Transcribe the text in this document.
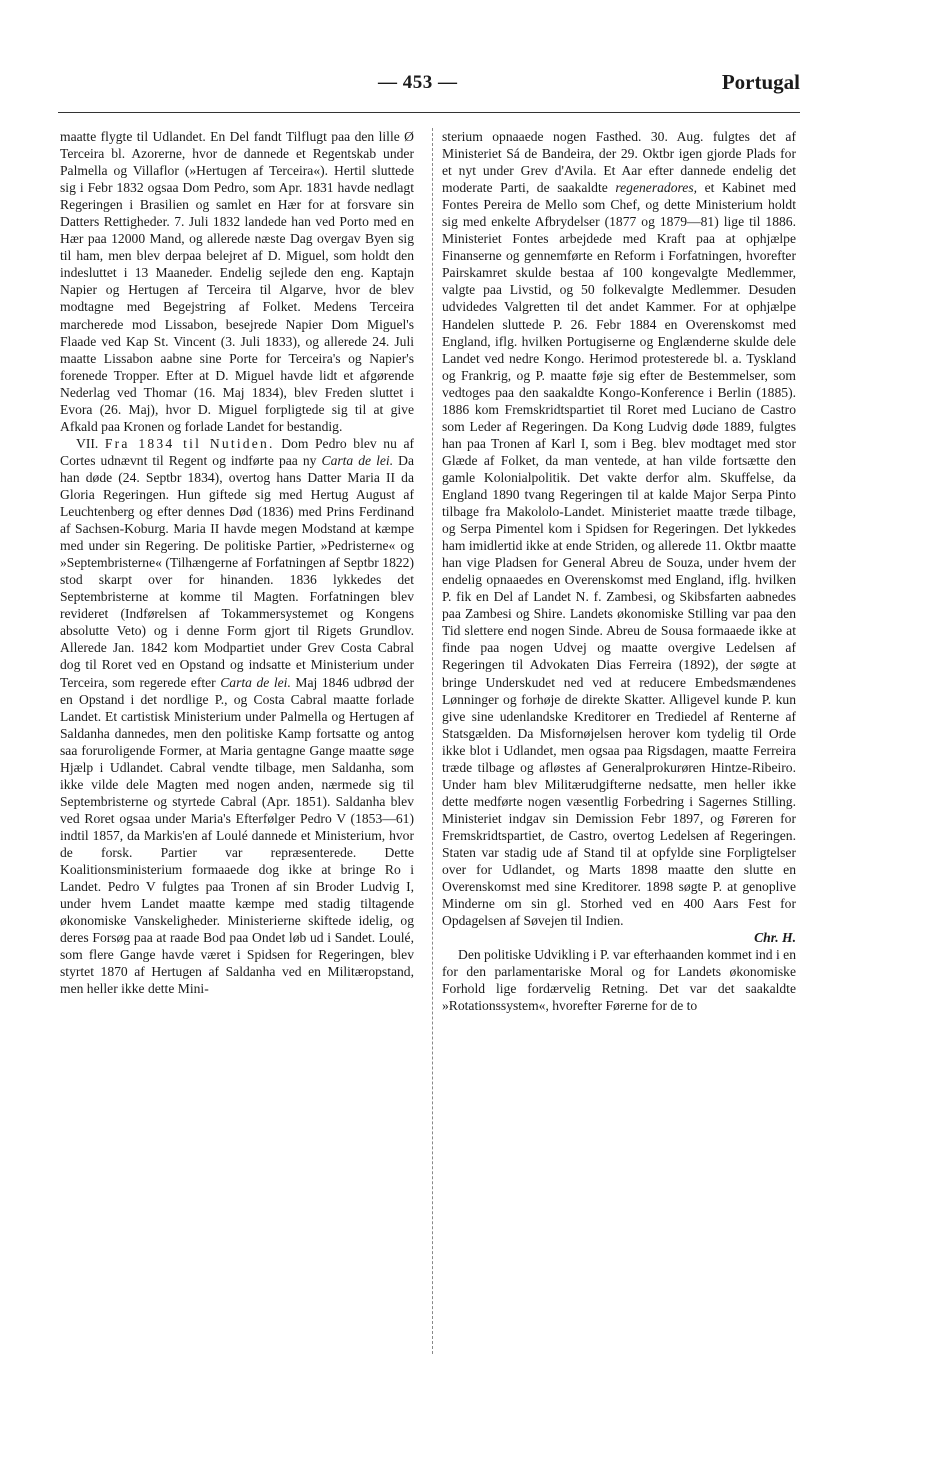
— 453 —	Portugal

maatte flygte til Udlandet. En Del fandt Tilflugt paa den lille Ø Terceira bl. Azorerne, hvor de dannede et Regentskab under Palmella og Villaflor (»Hertugen af Terceira«). Hertil sluttede sig i Febr 1832 ogsaa Dom Pedro, som Apr. 1831 havde nedlagt Regeringen i Brasilien og samlet en Hær for at forsvare sin Datters Rettigheder. 7. Juli 1832 landede han ved Porto med en Hær paa 12000 Mand, og allerede næste Dag overgav Byen sig til ham, men blev derpaa belejret af D. Miguel, som holdt den indesluttet i 13 Maaneder. Endelig sejlede den eng. Kaptajn Napier og Hertugen af Terceira til Algarve, hvor de blev modtagne med Begejstring af Folket. Medens Terceira marcherede mod Lissabon, besejrede Napier Dom Miguel's Flaade ved Kap St. Vincent (3. Juli 1833), og allerede 24. Juli maatte Lissabon aabne sine Porte for Terceira's og Napier's forenede Tropper. Efter at D. Miguel havde lidt et afgørende Nederlag ved Thomar (16. Maj 1834), blev Freden sluttet i Evora (26. Maj), hvor D. Miguel forpligtede sig til at give Afkald paa Kronen og forlade Landet for bestandig.

VII. Fra 1834 til Nutiden. Dom Pedro blev nu af Cortes udnævnt til Regent og indførte paa ny Carta de lei. Da han døde (24. Septbr 1834), overtog hans Datter Maria II da Gloria Regeringen. Hun giftede sig med Hertug August af Leuchtenberg og efter dennes Død (1836) med Prins Ferdinand af Sachsen-Koburg. Maria II havde megen Modstand at kæmpe med under sin Regering. De politiske Partier, »Pedristerne« og »Septembristerne« (Tilhængerne af Forfatningen af Septbr 1822) stod skarpt over for hinanden. 1836 lykkedes det Septembristerne at komme til Magten. Forfatningen blev revideret (Indførelsen af Tokammersystemet og Kongens absolutte Veto) og i denne Form gjort til Rigets Grundlov. Allerede Jan. 1842 kom Modpartiet under Grev Costa Cabral dog til Roret ved en Opstand og indsatte et Ministerium under Terceira, som regerede efter Carta de lei. Maj 1846 udbrød der en Opstand i det nordlige P., og Costa Cabral maatte forlade Landet. Et cartistisk Ministerium under Palmella og Hertugen af Saldanha dannedes, men den politiske Kamp fortsatte og antog saa foruroligende Former, at Maria gentagne Gange maatte søge Hjælp i Udlandet. Cabral vendte tilbage, men Saldanha, som ikke vilde dele Magten med nogen anden, nærmede sig til Septembristerne og styrtede Cabral (Apr. 1851). Saldanha blev ved Roret ogsaa under Maria's Efterfølger Pedro V (1853—61) indtil 1857, da Markis'en af Loulé dannede et Ministerium, hvor de forsk. Partier var repræsenterede. Dette Koalitionsministerium formaaede dog ikke at bringe Ro i Landet. Pedro V fulgtes paa Tronen af sin Broder Ludvig I, under hvem Landet maatte kæmpe med stadig tiltagende økonomiske Vanskeligheder. Ministerierne skiftede idelig, og deres Forsøg paa at raade Bod paa Ondet løb ud i Sandet. Loulé, som flere Gange havde været i Spidsen for Regeringen, blev styrtet 1870 af Hertugen af Saldanha ved en Militæropstand, men heller ikke dette Mini-

sterium opnaaede nogen Fasthed. 30. Aug. fulgtes det af Ministeriet Sá de Bandeira, der 29. Oktbr igen gjorde Plads for et nyt under Grev d'Avila. Et Aar efter dannede endelig det moderate Parti, de saakaldte regeneradores, et Kabinet med Fontes Pereira de Mello som Chef, og dette Ministerium holdt sig med enkelte Afbrydelser (1877 og 1879—81) lige til 1886. Ministeriet Fontes arbejdede med Kraft paa at ophjælpe Finanserne og gennemførte en Reform i Forfatningen, hvorefter Pairskamret skulde bestaa af 100 kongevalgte Medlemmer, valgte paa Livstid, og 50 folkevalgte Medlemmer. Desuden udvidedes Valgretten til det andet Kammer. For at ophjælpe Handelen sluttede P. 26. Febr 1884 en Overenskomst med England, iflg. hvilken Portugiserne og Englænderne skulde dele Landet ved nedre Kongo. Herimod protesterede bl. a. Tyskland og Frankrig, og P. maatte føje sig efter de Bestemmelser, som vedtoges paa den saakaldte Kongo-Konference i Berlin (1885). 1886 kom Fremskridtspartiet til Roret med Luciano de Castro som Leder af Regeringen. Da Kong Ludvig døde 1889, fulgtes han paa Tronen af Karl I, som i Beg. blev modtaget med stor Glæde af Folket, da man ventede, at han vilde fortsætte den gamle Kolonialpolitik. Det vakte derfor alm. Skuffelse, da England 1890 tvang Regeringen til at kalde Major Serpa Pinto tilbage fra Makololo-Landet. Ministeriet maatte træde tilbage, og Serpa Pimentel kom i Spidsen for Regeringen. Det lykkedes ham imidlertid ikke at ende Striden, og allerede 11. Oktbr maatte han vige Pladsen for General Abreu de Souza, under hvem der endelig opnaaedes en Overenskomst med England, iflg. hvilken P. fik en Del af Landet N. f. Zambesi, og Skibsfarten aabnedes paa Zambesi og Shire. Landets økonomiske Stilling var paa den Tid slettere end nogen Sinde. Abreu de Sousa formaaede ikke at finde paa nogen Udvej og maatte overgive Ledelsen af Regeringen til Advokaten Dias Ferreira (1892), der søgte at bringe Underskudet ned ved at reducere Embedsmændenes Lønninger og forhøje de direkte Skatter. Alligevel kunde P. kun give sine udenlandske Kreditorer en Trediedel af Renterne af Statsgælden. Da Misfornøjelsen herover kom tydelig til Orde ikke blot i Udlandet, men ogsaa paa Rigsdagen, maatte Ferreira træde tilbage og afløstes af Generalprokurøren Hintze-Ribeiro. Under ham blev Militærudgifterne nedsatte, men heller ikke dette medførte nogen væsentlig Forbedring i Sagernes Stilling. Ministeriet indgav sin Demission Febr 1897, og Føreren for Fremskridtspartiet, de Castro, overtog Ledelsen af Regeringen. Staten var stadig ude af Stand til at opfylde sine Forpligtelser over for Udlandet, og Marts 1898 maatte den slutte en Overenskomst med sine Kreditorer. 1898 søgte P. at genoplive Minderne om sin gl. Storhed ved en 400 Aars Fest for Opdagelsen af Søvejen til Indien.
Chr. H.

Den politiske Udvikling i P. var efterhaanden kommet ind i en for den parlamentariske Moral og for Landets økonomiske Forhold lige fordærvelig Retning. Det var det saakaldte »Rotationssystem«, hvorefter Førerne for de to
